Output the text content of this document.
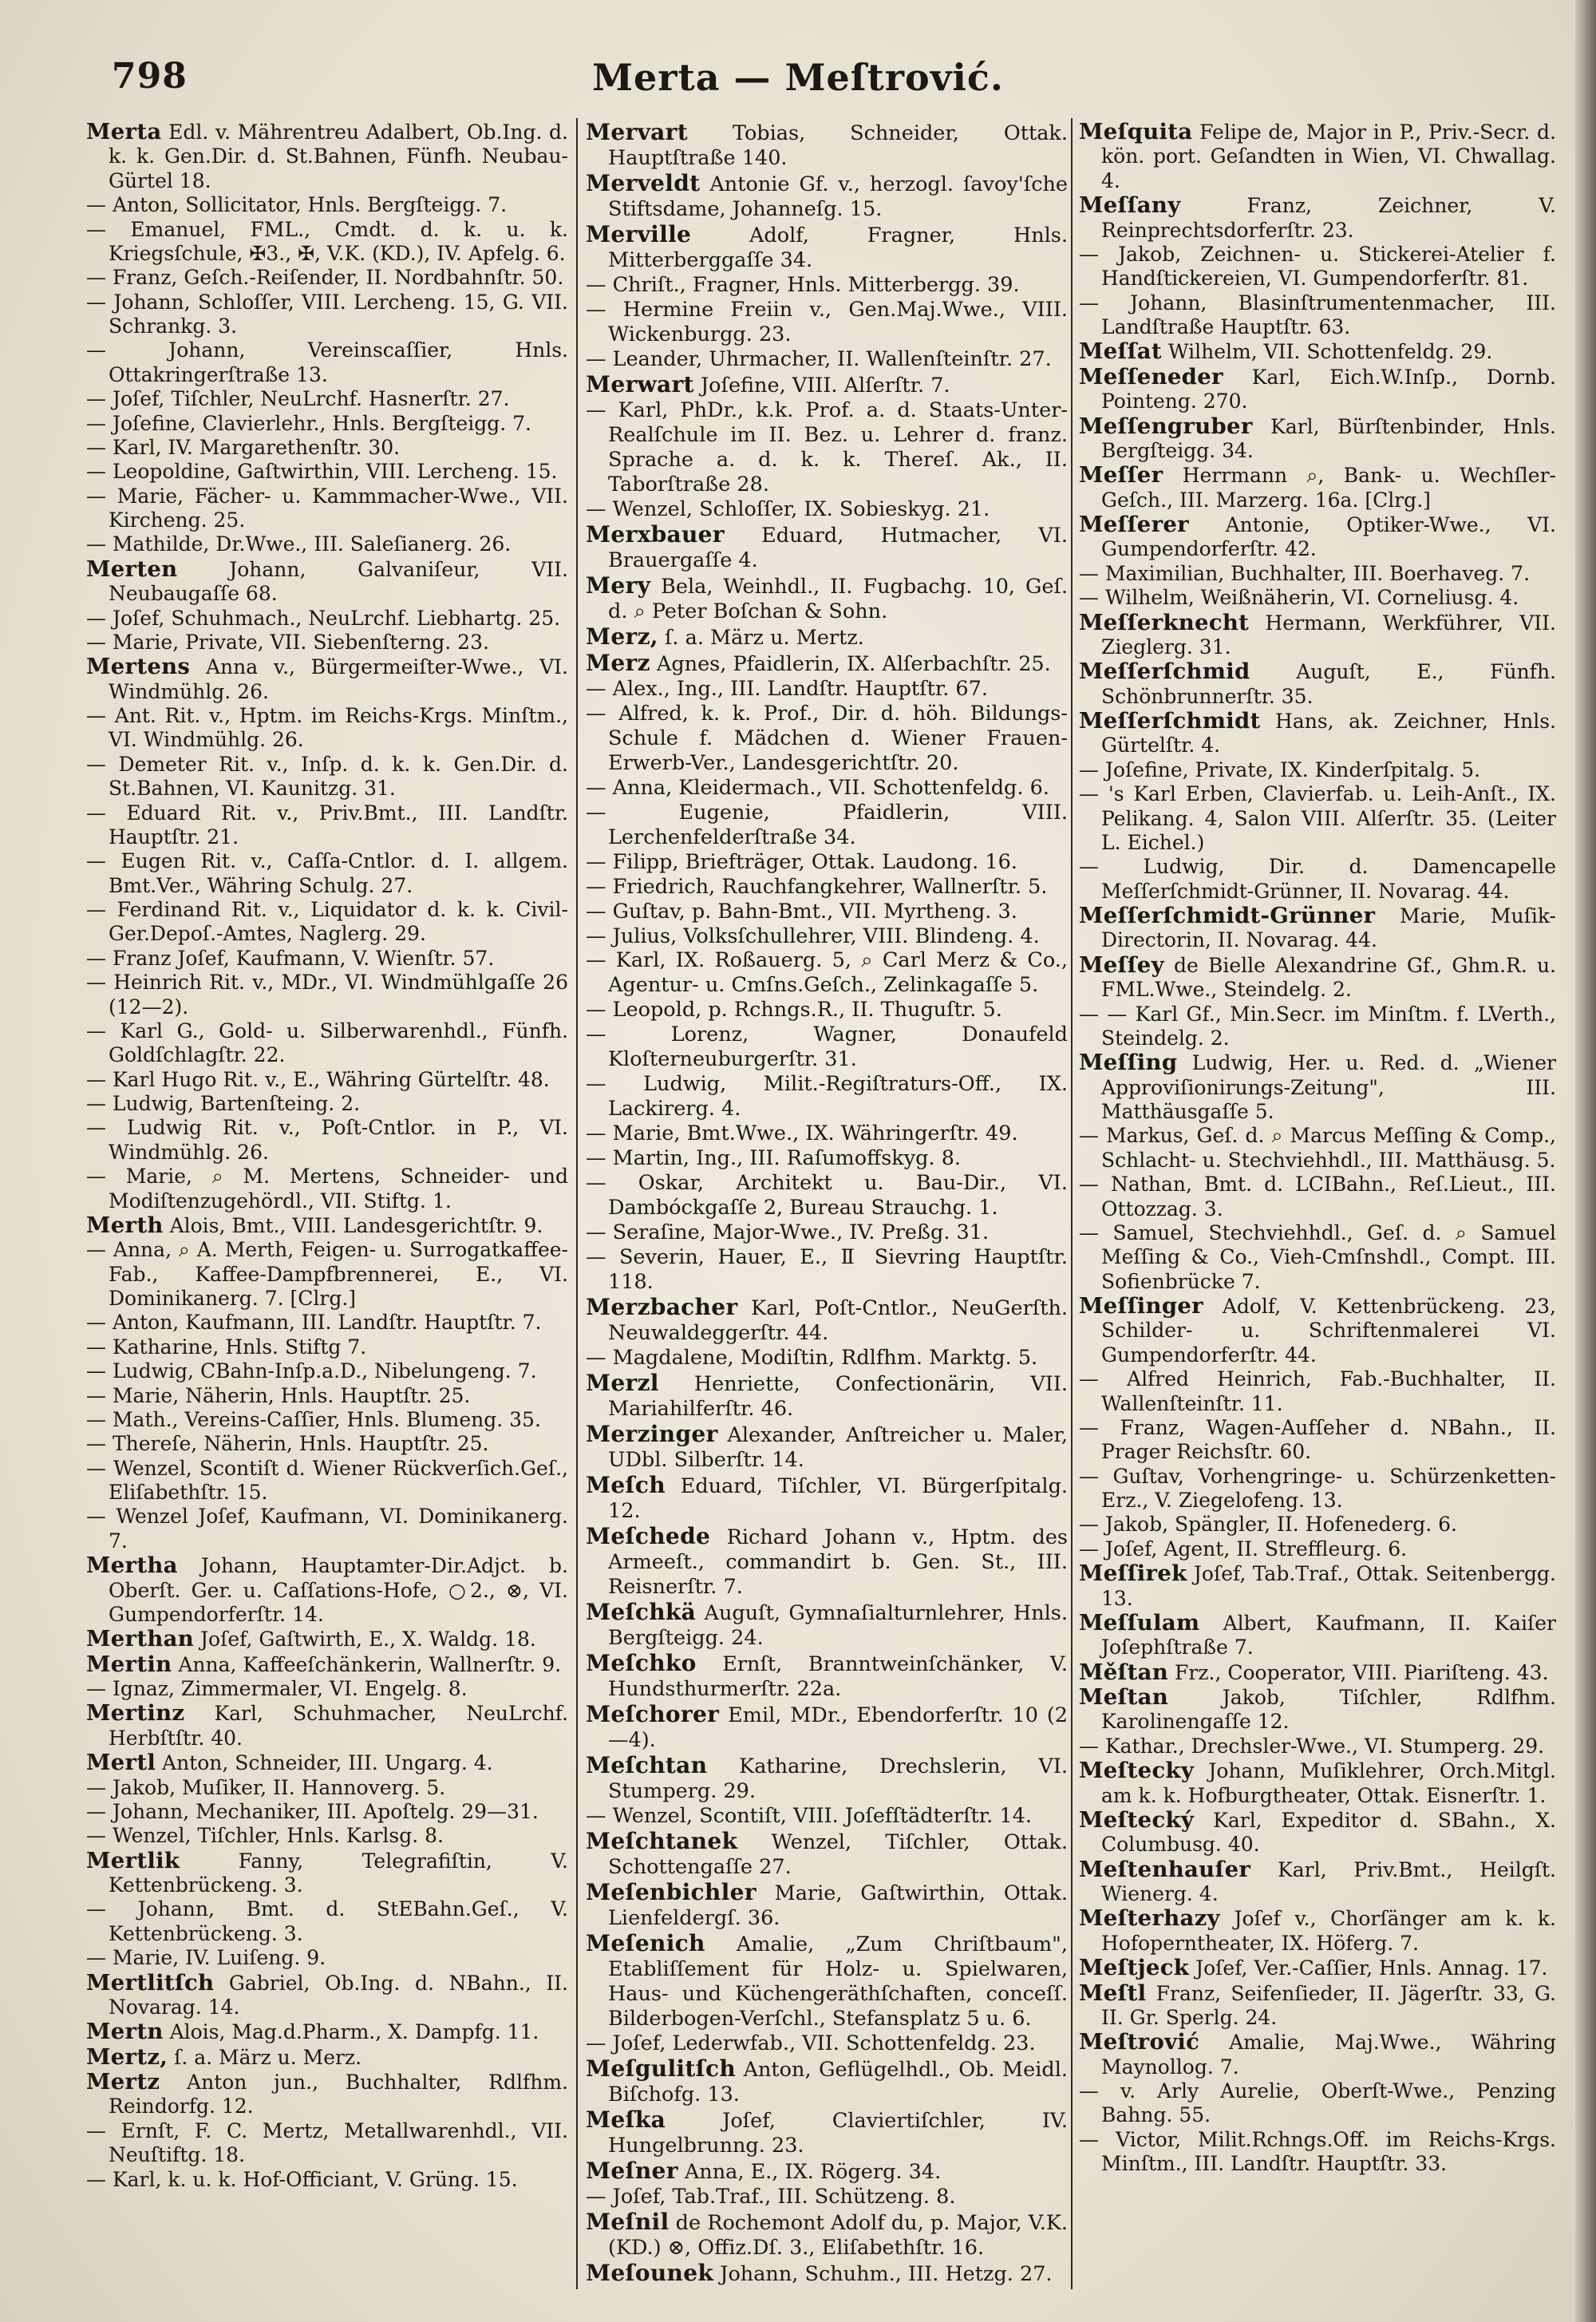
798	Merta — Meſtrović.

Merta Edl. v. Mährentreu Adalbert, Ob.Ing. d. k. k. Gen.Dir. d. St.Bahnen, Fünfh. Neubau-Gürtel 18.

— Anton, Sollicitator, Hnls. Bergſteigg. 7.

— Emanuel, FML., Cmdt. d. k. u. k. Kriegsſchule, ✠3., ✠, V.K. (KD.), IV. Apfelg. 6.

— Franz, Geſch.-Reiſender, II. Nordbahnſtr. 50.

— Johann, Schloſſer, VIII. Lercheng. 15, G. VII. Schrankg. 3.

— Johann, Vereinscaſſier, Hnls. Ottakringerſtraße 13.

— Joſef, Tiſchler, NeuLrchf. Hasnerſtr. 27.

— Joſefine, Clavierlehr., Hnls. Bergſteigg. 7.

— Karl, IV. Margarethenſtr. 30.

— Leopoldine, Gaſtwirthin, VIII. Lercheng. 15.

— Marie, Fächer- u. Kammmacher-Wwe., VII. Kircheng. 25.

— Mathilde, Dr.Wwe., III. Saleſianerg. 26.

Merten	Johann, Galvaniſeur, VII. Neubaugaſſe 68.

— Joſef, Schuhmach., NeuLrchf. Liebhartg. 25.

— Marie, Private, VII. Siebenſterng. 23.

Mertens Anna v., Bürgermeiſter-Wwe., VI. Windmühlg. 26.

— Ant. Rit. v., Hptm. im Reichs-Krgs. Minſtm., VI. Windmühlg. 26.

— Demeter Rit. v., Inſp. d. k. k. Gen.Dir. d. St.Bahnen, VI. Kaunitzg. 31.

— Eduard Rit. v., Priv.Bmt., III. Landſtr. Hauptſtr. 21.

— Eugen Rit. v., Caſſa-Cntlor. d. I. allgem. Bmt.Ver., Währing Schulg. 27.

— Ferdinand Rit. v., Liquidator d. k. k. Civil-Ger.Depoſ.-Amtes, Naglerg. 29.

— Franz Joſef, Kaufmann, V. Wienſtr. 57.

— Heinrich Rit. v., MDr., VI. Windmühlgaſſe 26 (12—2).

— Karl G., Gold- u. Silberwarenhdl., Fünfh. Goldſchlagſtr. 22.

— Karl Hugo Rit. v., E., Währing Gürtelſtr. 48.

— Ludwig, Bartenſteing. 2.

— Ludwig Rit. v., Poſt-Cntlor. in P., VI. Windmühlg. 26.

— Marie, ⌕ M. Mertens, Schneider- und Modiſtenzugehördl., VII. Stiftg. 1.

Merth Alois, Bmt., VIII. Landesgerichtſtr. 9.

— Anna, ⌕ A. Merth, Feigen- u. Surrogatkaffee-Fab., Kaffee-Dampfbrennerei, E., VI. Dominikanerg. 7. [Clrg.]

— Anton, Kaufmann, III. Landſtr. Hauptſtr. 7.

— Katharine, Hnls. Stiftg 7.

— Ludwig, CBahn-Inſp.a.D., Nibelungeng. 7.

— Marie, Näherin, Hnls. Hauptſtr. 25.

— Math., Vereins-Caſſier, Hnls. Blumeng. 35.

— Thereſe, Näherin, Hnls. Hauptſtr. 25.

— Wenzel, Scontiſt d. Wiener Rückverſich.Geſ., Eliſabethſtr. 15.

— Wenzel Joſef, Kaufmann, VI. Dominikanerg. 7.

Mertha Johann, Hauptamter-Dir.Adjct. b. Oberſt. Ger. u. Caſſations-Hofe, ○2., ⊗, VI. Gumpendorferſtr. 14.

Merthan Joſef, Gaſtwirth, E., X. Waldg. 18.

Mertin Anna, Kaffeeſchänkerin, Wallnerſtr. 9.

— Ignaz, Zimmermaler, VI. Engelg. 8.

Mertinz Karl, Schuhmacher, NeuLrchf. Herbſtſtr. 40.

Mertl Anton, Schneider, III. Ungarg. 4.

— Jakob, Muſiker, II. Hannoverg. 5.

— Johann, Mechaniker, III. Apoſtelg. 29—31.

— Wenzel, Tiſchler, Hnls. Karlsg. 8.

Mertlik	Fanny, Telegrafiſtin, V. Kettenbrückeng. 3.

— Johann, Bmt. d. StEBahn.Geſ., V. Kettenbrückeng. 3.

— Marie, IV. Luiſeng. 9.

Mertlitſch Gabriel, Ob.Ing. d. NBahn., II. Novarag. 14.

Mertn Alois, Mag.d.Pharm., X. Dampfg. 11.

Mertz, ſ. a. März u. Merz.

Mertz Anton jun., Buchhalter, Rdlfhm. Reindorfg. 12.

— Ernſt, F. C. Mertz, Metallwarenhdl., VII. Neuſtiftg. 18.

— Karl, k. u. k. Hof-Officiant, V. Grüng. 15.

Mervart Tobias, Schneider, Ottak. Hauptſtraße 140.

Merveldt Antonie Gf. v., herzogl. ſavoy'ſche Stiftsdame, Johanneſg. 15.

Merville	Adolf, Fragner, Hnls. Mitterberggaſſe 34.

— Chriſt., Fragner, Hnls. Mitterbergg. 39.

— Hermine Freiin v., Gen.Maj.Wwe., VIII. Wickenburgg. 23.

— Leander, Uhrmacher, II. Wallenſteinſtr. 27.

Merwart Joſefine, VIII. Alſerſtr. 7.

— Karl, PhDr., k.k. Prof. a. d. Staats-Unter-Realſchule im II. Bez. u. Lehrer d. franz. Sprache a. d. k. k. Thereſ. Ak., II. Taborſtraße 28.

— Wenzel, Schloſſer, IX. Sobieskyg. 21.

Merxbauer Eduard, Hutmacher, VI. Brauergaſſe 4.

Mery Bela, Weinhdl., II. Fugbachg. 10, Geſ. d. ⌕ Peter Boſchan & Sohn.

Merz, ſ. a. März u. Mertz.

Merz Agnes, Pfaidlerin, IX. Alſerbachſtr. 25.

— Alex., Ing., III. Landſtr. Hauptſtr. 67.

— Alfred, k. k. Prof., Dir. d. höh. Bildungs-Schule f. Mädchen d. Wiener Frauen-Erwerb-Ver., Landesgerichtſtr. 20.

— Anna, Kleidermach., VII. Schottenfeldg. 6.

— Eugenie, Pfaidlerin, VIII. Lerchenfelderſtraße 34.

— Filipp, Briefträger, Ottak. Laudong. 16.

— Friedrich, Rauchfangkehrer, Wallnerſtr. 5.

— Guſtav, p. Bahn-Bmt., VII. Myrtheng. 3.

— Julius, Volksſchullehrer, VIII. Blindeng. 4.

— Karl, IX. Roßauerg. 5, ⌕ Carl Merz & Co., Agentur- u. Cmſns.Geſch., Zelinkagaſſe 5.

— Leopold, p. Rchngs.R., II. Thuguſtr. 5.

— Lorenz, Wagner, Donaufeld Kloſterneuburgerſtr. 31.

— Ludwig, Milit.-Regiſtraturs-Off., IX. Lackirerg. 4.

— Marie, Bmt.Wwe., IX. Währingerſtr. 49.

— Martin, Ing., III. Raſumoffskyg. 8.

— Oskar, Architekt u. Bau-Dir., VI. Dambóckgaſſe 2, Bureau Strauchg. 1.

— Seraſine, Major-Wwe., IV. Preßg. 31.

— Severin, Hauer, E., Ⅱ Sievring Hauptſtr. 118.

Merzbacher Karl, Poſt-Cntlor., NeuGerſth. Neuwaldeggerſtr. 44.

— Magdalene, Modiſtin, Rdlfhm. Marktg. 5.

Merzl Henriette, Confectionärin, VII. Mariahilferſtr. 46.

Merzinger Alexander, Anſtreicher u. Maler, UDbl. Silberſtr. 14.

Meſch Eduard, Tiſchler, VI. Bürgerſpitalg. 12.

Meſchede Richard Johann v., Hptm. des Armeeſt., commandirt b. Gen. St., III. Reisnerſtr. 7.

Meſchkä Auguſt, Gymnaſialturnlehrer, Hnls. Bergſteigg. 24.

Meſchko Ernſt, Branntweinſchänker, V. Hundsthurmerſtr. 22a.

Meſchorer Emil, MDr., Ebendorferſtr. 10 (2—4).

Meſchtan Katharine, Drechslerin, VI. Stumperg. 29.

— Wenzel, Scontiſt, VIII. Joſefſtädterſtr. 14.

Meſchtanek Wenzel, Tiſchler, Ottak. Schottengaſſe 27.

Meſenbichler Marie, Gaſtwirthin, Ottak. Lienfeldergſ. 36.

Meſenich Amalie, „Zum Chriſtbaum", Etabliſſement für Holz- u. Spielwaren, Haus- und Küchengeräthſchaften, conceſſ. Bilderbogen-Verſchl., Stefansplatz 5 u. 6.

— Joſef, Lederwfab., VII. Schottenfeldg. 23.

Meſgulitſch Anton, Geflügelhdl., Ob. Meidl. Biſchofg. 13.

Meſka	Joſef, Claviertiſchler, IV. Hungelbrunng. 23.

Meſner Anna, E., IX. Rögerg. 34.

— Joſef, Tab.Traf., III. Schützeng. 8.

Meſnil de Rochemont Adolf du, p. Major, V.K. (KD.) ⊗, Offiz.Dſ. 3., Eliſabethſtr. 16.

Meſounek Johann, Schuhm., III. Hetzg. 27.

Meſquita Felipe de, Major in P., Priv.-Secr. d. kön. port. Geſandten in Wien, VI. Chwallag. 4.

Meſſany	Franz, Zeichner, V. Reinprechtsdorferſtr. 23.

— Jakob, Zeichnen- u. Stickerei-Atelier f. Handſtickereien, VI. Gumpendorferſtr. 81.

— Johann, Blasinſtrumentenmacher, III. Landſtraße Hauptſtr. 63.

Meſſat Wilhelm, VII. Schottenfeldg. 29.

Meſſeneder Karl, Eich.W.Inſp., Dornb. Pointeng. 270.

Meſſengruber Karl, Bürſtenbinder, Hnls. Bergſteigg. 34.

Meſſer Herrmann ⌕, Bank- u. Wechſler-Geſch., III. Marzerg. 16a. [Clrg.]

Meſſerer Antonie, Optiker-Wwe., VI. Gumpendorferſtr. 42.

— Maximilian, Buchhalter, III. Boerhaveg. 7.

— Wilhelm, Weißnäherin, VI. Corneliusg. 4.

Meſſerknecht Hermann, Werkführer, VII. Zieglerg. 31.

Meſſerſchmid Auguſt, E., Fünfh. Schönbrunnerſtr. 35.

Meſſerſchmidt Hans, ak. Zeichner, Hnls. Gürtelſtr. 4.

— Joſefine, Private, IX. Kinderſpitalg. 5.

— 's Karl Erben, Clavierfab. u. Leih-Anſt., IX. Pelikang. 4, Salon VIII. Alſerſtr. 35. (Leiter L. Eichel.)

— Ludwig, Dir. d. Damencapelle Meſſerſchmidt-Grünner, II. Novarag. 44.

Meſſerſchmidt-Grünner Marie, Muſik-Directorin, II. Novarag. 44.

Meſſey de Bielle Alexandrine Gf., Ghm.R. u. FML.Wwe., Steindelg. 2.

— — Karl Gf., Min.Secr. im Minſtm. f. LVerth., Steindelg. 2.

Meſſing Ludwig, Her. u. Red. d. „Wiener Approviſionirungs-Zeitung", III. Matthäusgaſſe 5.

— Markus, Geſ. d. ⌕ Marcus Meſſing & Comp., Schlacht- u. Stechviehhdl., III. Matthäusg. 5.

— Nathan, Bmt. d. LCIBahn., Reſ.Lieut., III. Ottozzag. 3.

— Samuel, Stechviehhdl., Geſ. d. ⌕ Samuel Meſſing & Co., Vieh-Cmſnshdl., Compt. III. Sofienbrücke 7.

Meſſinger Adolf, V. Kettenbrückeng. 23, Schilder- u. Schriftenmalerei VI. Gumpendorferſtr. 44.

— Alfred Heinrich, Fab.-Buchhalter, II. Wallenſteinſtr. 11.

— Franz, Wagen-Aufſeher d. NBahn., II. Prager Reichsſtr. 60.

— Guſtav, Vorhengringe- u. Schürzenketten-Erz., V. Ziegelofeng. 13.

— Jakob, Spängler, II. Hofenederg. 6.

— Joſef, Agent, II. Streffleurg. 6.

Meſſirek Joſef, Tab.Traf., Ottak. Seitenbergg. 13.

Meſſulam Albert, Kaufmann, II. Kaiſer Joſephſtraße 7.

Měſtan Frz., Cooperator, VIII. Piariſteng. 43.

Meſtan	Jakob, Tiſchler, Rdlfhm. Karolinengaſſe 12.

— Kathar., Drechsler-Wwe., VI. Stumperg. 29.

Meſtecky Johann, Muſiklehrer, Orch.Mitgl. am k. k. Hofburgtheater, Ottak. Eisnerſtr. 1.

Meſtecký Karl, Expeditor d. SBahn., X. Columbusg. 40.

Meſtenhauſer Karl, Priv.Bmt., Heilgſt. Wienerg. 4.

Meſterhazy Joſef v., Chorſänger am k. k. Hofoperntheater, IX. Höferg. 7.

Meſtjeck Joſef, Ver.-Caſſier, Hnls. Annag. 17.

Meſtl Franz, Seifenſieder, II. Jägerſtr. 33, G. II. Gr. Sperlg. 24.

Meſtrović Amalie, Maj.Wwe., Währing Maynollog. 7.

— v. Arly Aurelie, Oberſt-Wwe., Penzing Bahng. 55.

— Victor, Milit.Rchngs.Off. im Reichs-Krgs. Minſtm., III. Landſtr. Hauptſtr. 33.
